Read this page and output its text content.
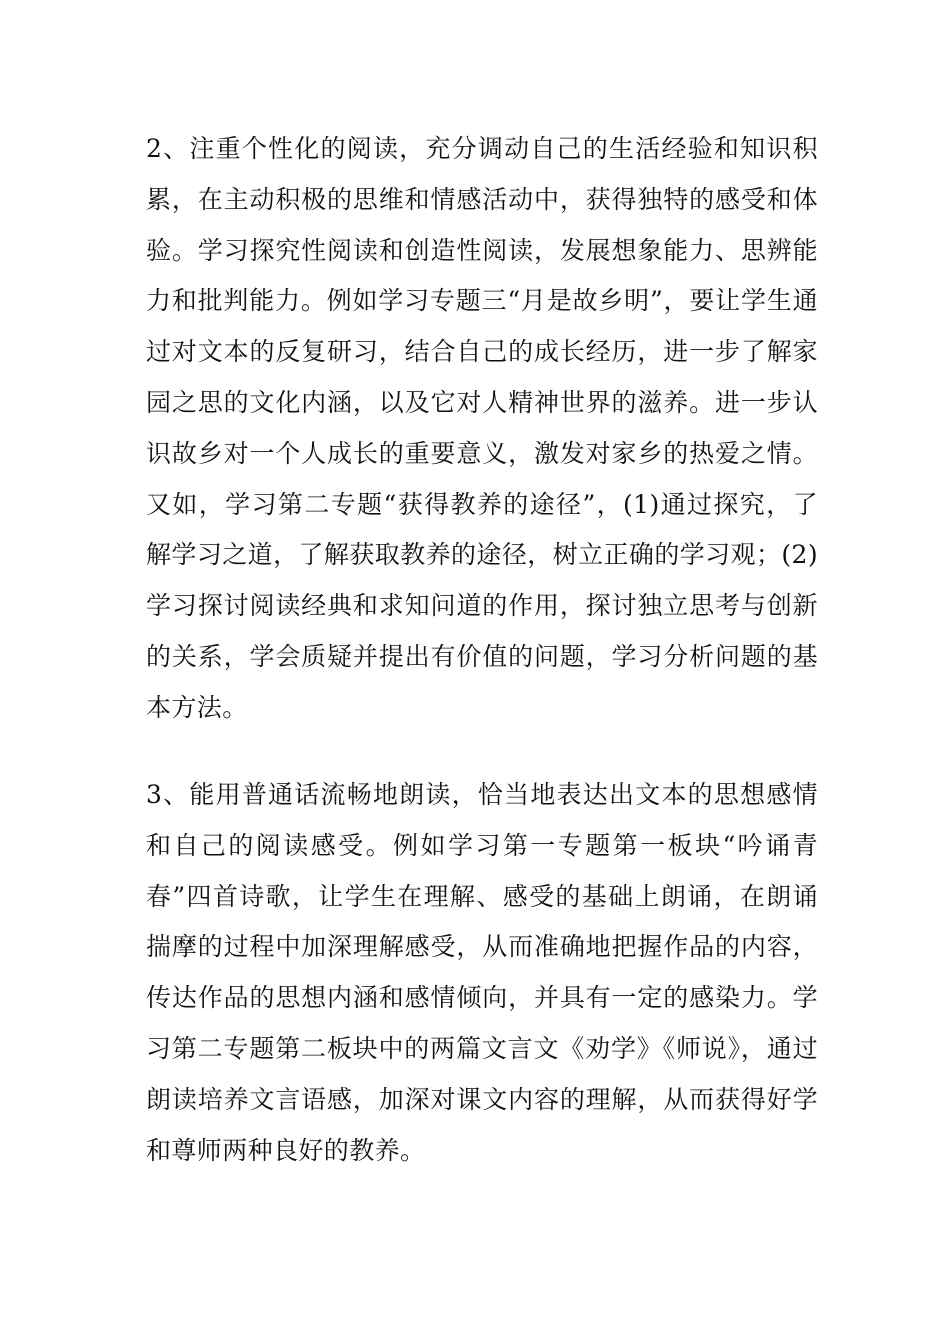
2、注重个性化的阅读，充分调动自己的生活经验和知识积累，在主动积极的思维和情感活动中，获得独特的感受和体验。学习探究性阅读和创造性阅读，发展想象能力、思辨能力和批判能力。例如学习专题三“月是故乡明”，要让学生通过对文本的反复研习，结合自己的成长经历，进一步了解家园之思的文化内涵，以及它对人精神世界的滋养。进一步认识故乡对一个人成长的重要意义，激发对家乡的热爱之情。又如，学习第二专题“获得教养的途径”，(1)通过探究，了解学习之道，了解获取教养的途径，树立正确的学习观；(2)学习探讨阅读经典和求知问道的作用，探讨独立思考与创新的关系，学会质疑并提出有价值的问题，学习分析问题的基本方法。
3、能用普通话流畅地朗读，恰当地表达出文本的思想感情和自己的阅读感受。例如学习第一专题第一板块“吟诵青春”四首诗歌，让学生在理解、感受的基础上朗诵，在朗诵揣摩的过程中加深理解感受，从而准确地把握作品的内容，传达作品的思想内涵和感情倾向，并具有一定的感染力。学习第二专题第二板块中的两篇文言文《劝学》《师说》，通过朗读培养文言语感，加深对课文内容的理解，从而获得好学和尊师两种良好的教养。
